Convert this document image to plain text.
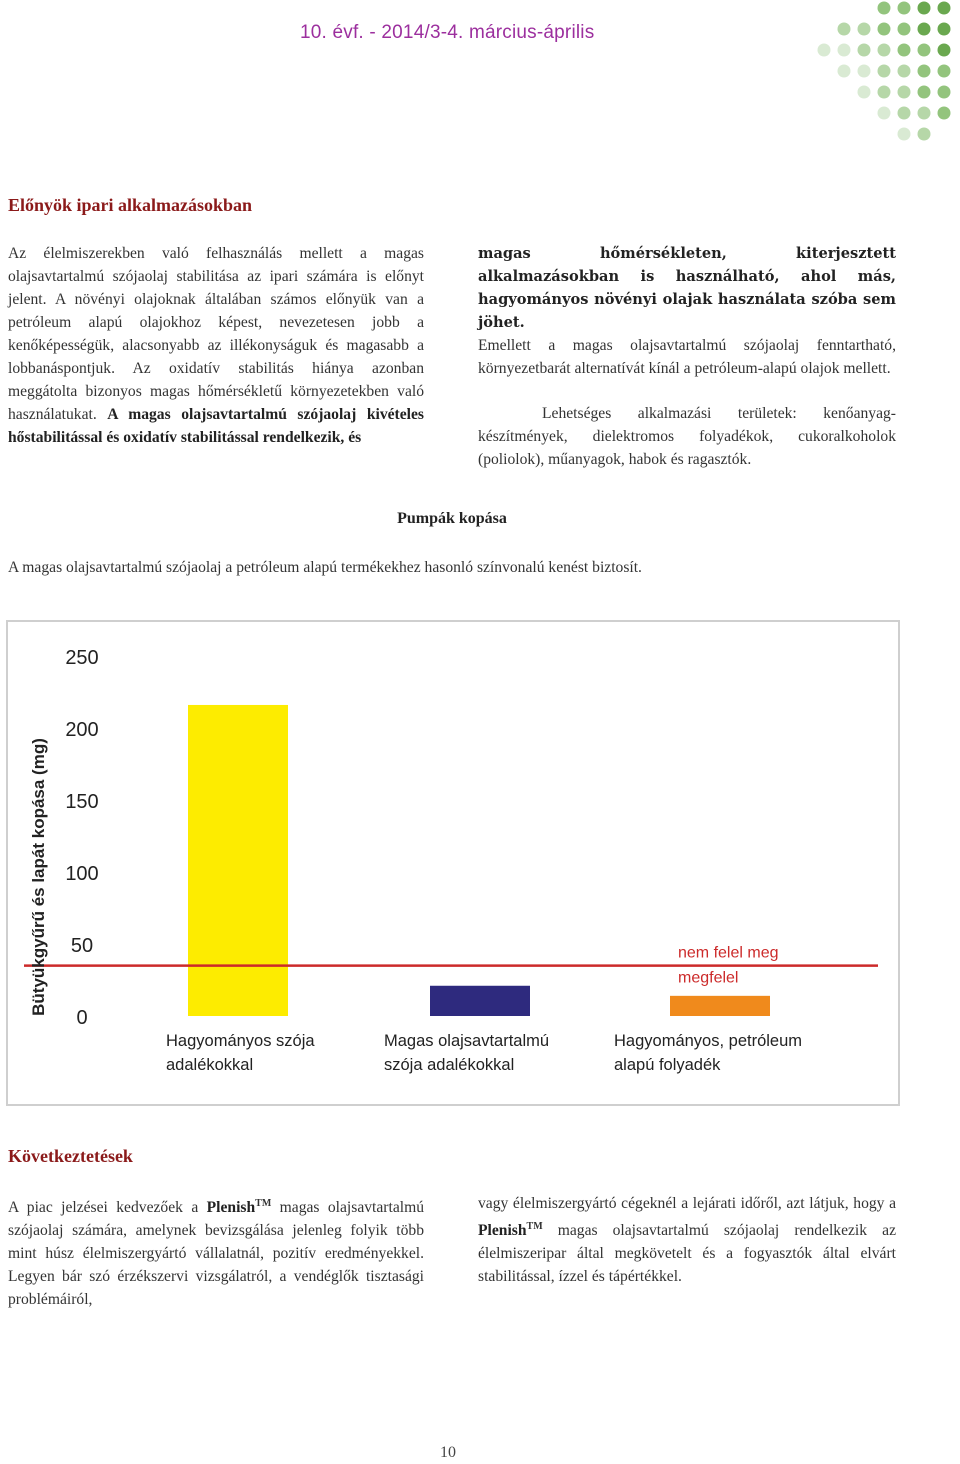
10. évf. - 2014/3-4. március-április
Előnyök ipari alkalmazásokban
Az élelmiszerekben való felhasználás mellett a magas olajsavtartalmú szójaolaj stabilitása az ipari számára is előnyt jelent. A növényi olajoknak általában számos előnyük van a petróleum alapú olajokhoz képest, nevezetesen jobb a kenőképességük, alacsonyabb az illékonyságuk és magasabb a lobbanáspontjuk. Az oxidatív stabilitás hiánya azonban meggátolta bizonyos magas hőmérsékletű környezetekben való használatukat. A magas olajsavtartalmú szójaolaj kivételes hőstabilitással és oxidatív stabilitással rendelkezik, és
magas hőmérsékleten, kiterjesztett alkalmazásokban is használható, ahol más, hagyományos növényi olajak használata szóba sem jöhet.
Emellett a magas olajsavtartalmú szójaolaj fenntartható, környezetbarát alternatívát kínál a petróleum-alapú olajok mellett.
Lehetséges alkalmazási területek: kenőanyag-készítmények, dielektromos folyadékok, cukoralkoholok (poliolok), műanyagok, habok és ragasztók.
Pumpák kopása
A magas olajsavtartalmú szójaolaj a petróleum alapú termékekhez hasonló színvonalú kenést biztosít.
0
50
100
150
200
250
Hagyományos szója
adalékokkal
Magas olajsavtartalmú
szója adalékokkal
Hagyományos, petróleum
alapú folyadék
nem felel meg
megfelel
Bütyükgyűrű és lapát kopása (mg)
Következtetések
A piac jelzései kedvezőek a Plenish™ magas olajsavtartalmú szójaolaj számára, amelynek bevizsgálása jelenleg folyik több mint húsz élelmiszergyártó vállalatnál, pozitív eredményekkel. Legyen bár szó érzékszervi vizsgálatról, a vendéglők tisztasági problémáiról,
vagy élelmiszergyártó cégeknél a lejárati időről, azt látjuk, hogy a Plenish™ magas olajsavtartalmú szójaolaj rendelkezik az élelmiszeripar által megkövetelt és a fogyasztók által elvárt stabilitással, ízzel és tápértékkel.
10
